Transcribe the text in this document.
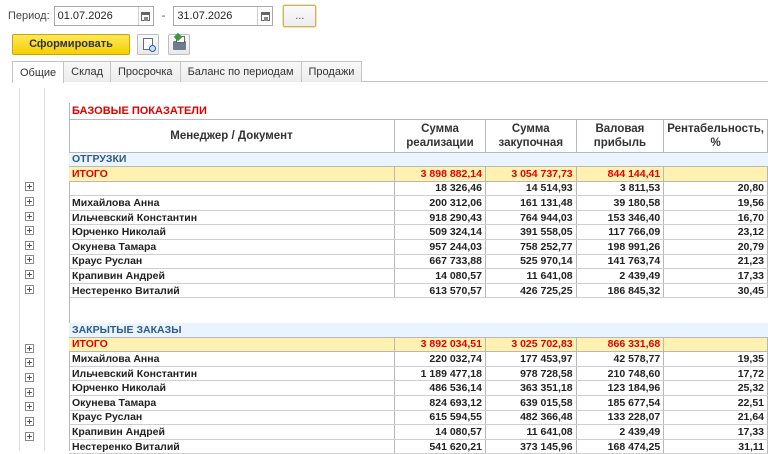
Период: 01.07.2026	- 31.07.2026	...
Сформировать
Общие	Склад	Просрочка	Баланс по периодам	Продажи
БАЗОВЫЕ ПОКАЗАТЕЛИ				
Менеджер / Документ	Сумма реализации	Сумма закупочная	Валовая прибыль	Рентабельность, %
ОТГРУЗКИ				
ИТОГО	3 898 882,14	3 054 737,73	844 144,41	
	18 326,46	14 514,93	3 811,53	20,80
Михайлова Анна	200 312,06	161 131,48	39 180,58	19,56
Ильчевский Константин	918 290,43	764 944,03	153 346,40	16,70
Юрченко Николай	509 324,14	391 558,05	117 766,09	23,12
Окунева Тамара	957 244,03	758 252,77	198 991,26	20,79
Краус Руслан	667 733,88	525 970,14	141 763,74	21,23
Крапивин Андрей	14 080,57	11 641,08	2 439,49	17,33
Нестеренко Виталий	613 570,57	426 725,25	186 845,32	30,45

ЗАКРЫТЫЕ ЗАКАЗЫ				
ИТОГО	3 892 034,51	3 025 702,83	866 331,68	
Михайлова Анна	220 032,74	177 453,97	42 578,77	19,35
Ильчевский Константин	1 189 477,18	978 728,58	210 748,60	17,72
Юрченко Николай	486 536,14	363 351,18	123 184,96	25,32
Окунева Тамара	824 693,12	639 015,58	185 677,54	22,51
Краус Руслан	615 594,55	482 366,48	133 228,07	21,64
Крапивин Андрей	14 080,57	11 641,08	2 439,49	17,33
Нестеренко Виталий	541 620,21	373 145,96	168 474,25	31,11
